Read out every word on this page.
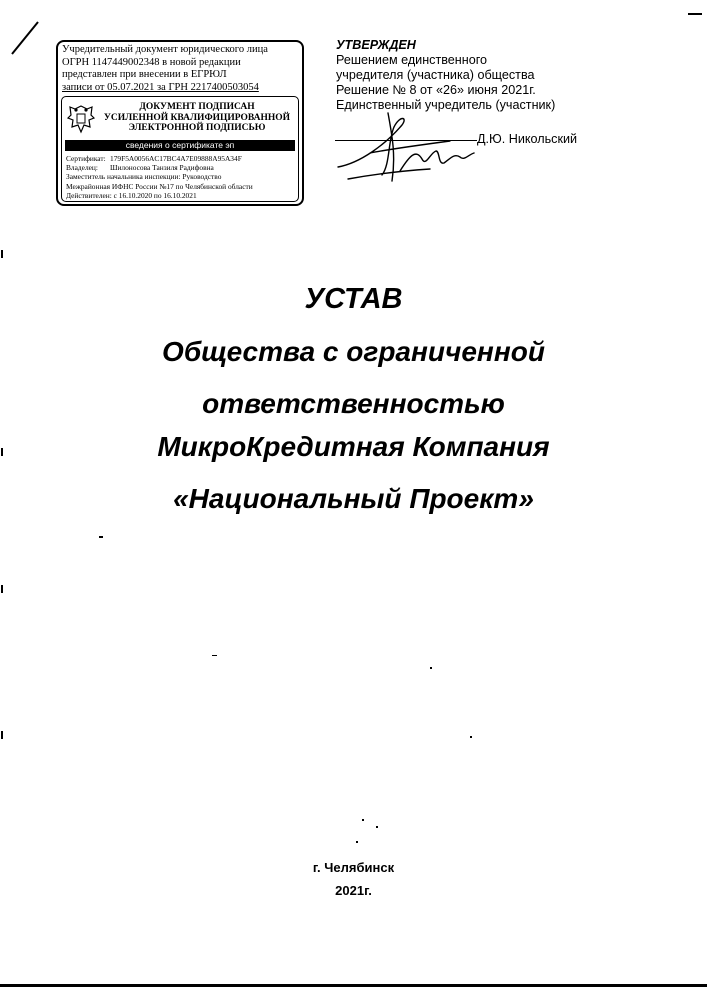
Учредительный документ юридического лица
ОГРН 1147449002348 в новой редакции
представлен при внесении в ЕГРЮЛ
записи от 05.07.2021 за ГРН 2217400503054
ДОКУМЕНТ ПОДПИСАН
УСИЛЕННОЙ КВАЛИФИЦИРОВАННОЙ
ЭЛЕКТРОННОЙ ПОДПИСЬЮ
сведения о сертификате эп
Сертификат: 179F5A0056AC17BC4A7E09888A95A34F
Владелец: Шилоносова Танзиля Радифовна
Заместитель начальника инспекции: Руководство
Межрайонная ИФНС России №17 по Челябинской области
Действителен: с 16.10.2020 по 16.10.2021
УТВЕРЖДЕН
Решением единственного
учредителя (участника) общества
Решение № 8 от «26» июня 2021г.
Единственный учредитель (участник)
Д.Ю. Никольский
УСТАВ
Общества с ограниченной
ответственностью
МикроКредитная Компания
«Национальный Проект»
г. Челябинск
2021г.
